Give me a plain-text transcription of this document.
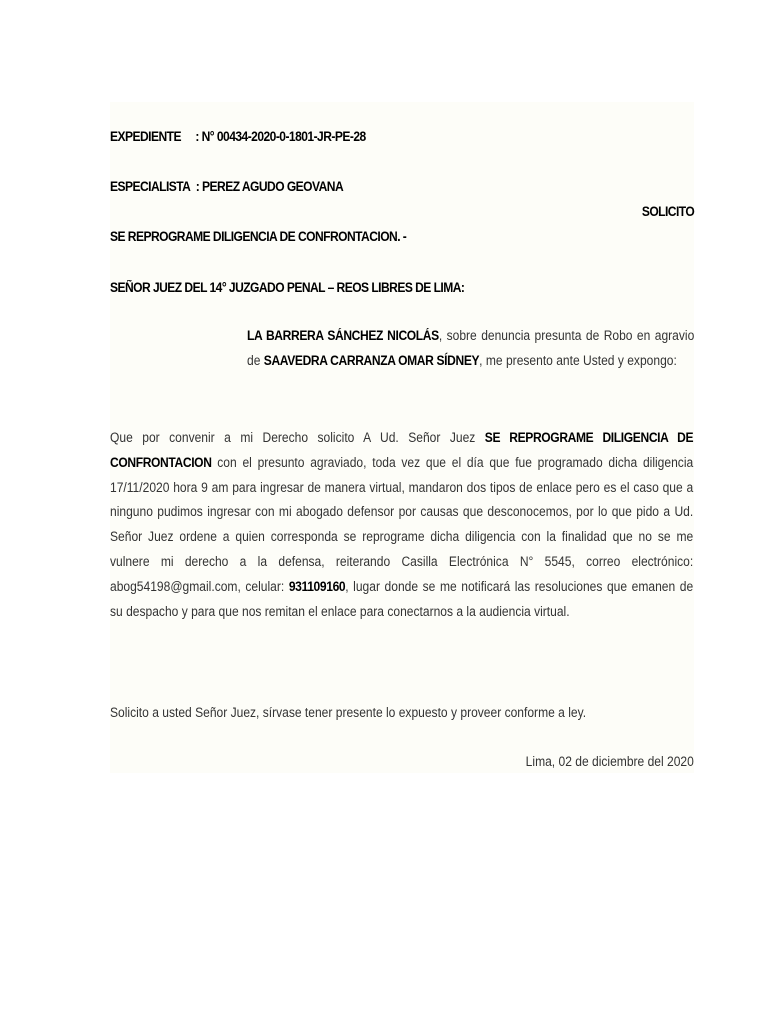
EXPEDIENTE : N° 00434-2020-0-1801-JR-PE-28
ESPECIALISTA : PEREZ AGUDO GEOVANA
SOLICITO
SE REPROGRAME DILIGENCIA DE CONFRONTACION. -
SEÑOR JUEZ DEL 14° JUZGADO PENAL – REOS LIBRES DE LIMA:
LA BARRERA SÁNCHEZ NICOLÁS, sobre denuncia presunta de Robo en agravio de SAAVEDRA CARRANZA OMAR SÍDNEY, me presento ante Usted y expongo:
Que por convenir a mi Derecho solicito A Ud. Señor Juez SE REPROGRAME DILIGENCIA DE CONFRONTACION con el presunto agraviado, toda vez que el día que fue programado dicha diligencia 17/11/2020 hora 9 am para ingresar de manera virtual, mandaron dos tipos de enlace pero es el caso que a ninguno pudimos ingresar con mi abogado defensor por causas que desconocemos, por lo que pido a Ud. Señor Juez ordene a quien corresponda se reprograme dicha diligencia con la finalidad que no se me vulnere mi derecho a la defensa, reiterando Casilla Electrónica N° 5545, correo electrónico: abog54198@gmail.com, celular: 931109160, lugar donde se me notificará las resoluciones que emanen de su despacho y para que nos remitan el enlace para conectarnos a la audiencia virtual.
Solicito a usted Señor Juez, sírvase tener presente lo expuesto y proveer conforme a ley.
Lima, 02 de diciembre del 2020
